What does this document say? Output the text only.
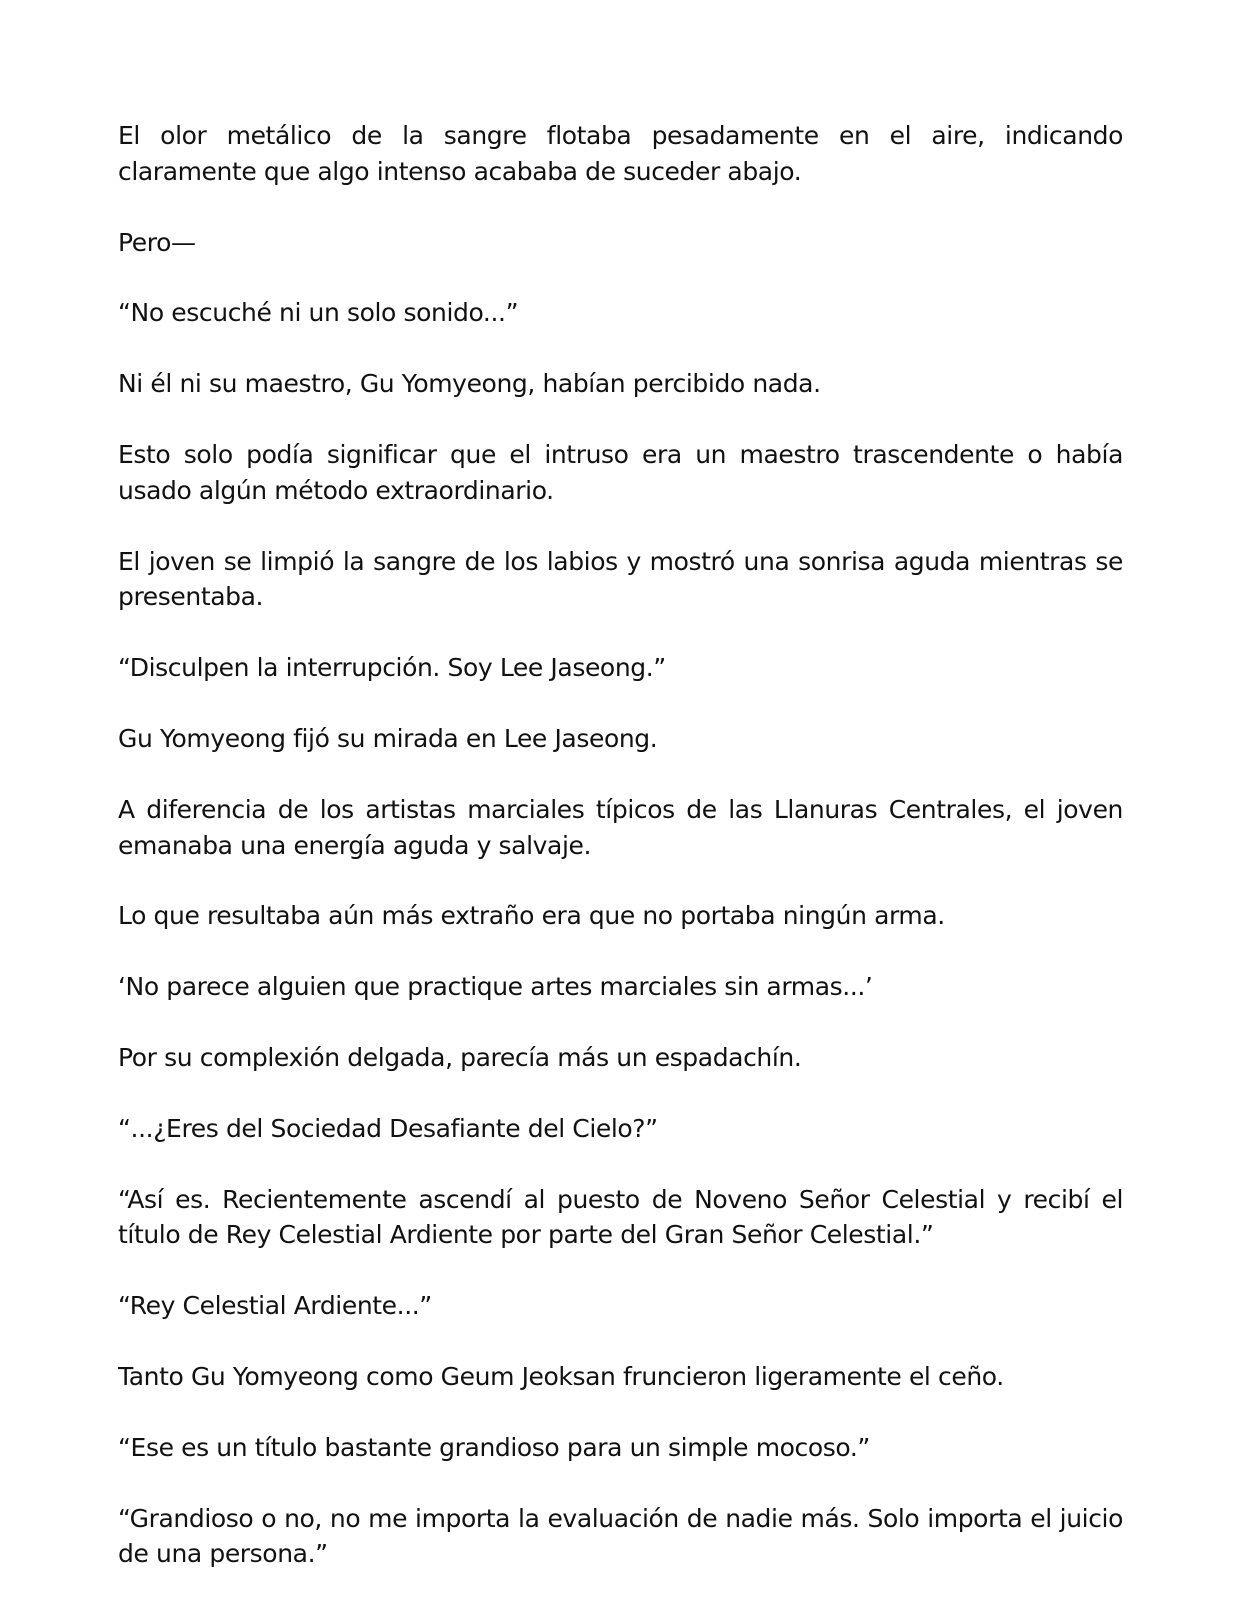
El olor metálico de la sangre flotaba pesadamente en el aire, indicando claramente que algo intenso acababa de suceder abajo.

Pero—

“No escuché ni un solo sonido...”

Ni él ni su maestro, Gu Yomyeong, habían percibido nada.

Esto solo podía significar que el intruso era un maestro trascendente o había usado algún método extraordinario.

El joven se limpió la sangre de los labios y mostró una sonrisa aguda mientras se presentaba.

“Disculpen la interrupción. Soy Lee Jaseong.”

Gu Yomyeong fijó su mirada en Lee Jaseong.

A diferencia de los artistas marciales típicos de las Llanuras Centrales, el joven emanaba una energía aguda y salvaje.

Lo que resultaba aún más extraño era que no portaba ningún arma.

‘No parece alguien que practique artes marciales sin armas...’

Por su complexión delgada, parecía más un espadachín.

“...¿Eres del Sociedad Desafiante del Cielo?”

“Así es. Recientemente ascendí al puesto de Noveno Señor Celestial y recibí el título de Rey Celestial Ardiente por parte del Gran Señor Celestial.”

“Rey Celestial Ardiente...”

Tanto Gu Yomyeong como Geum Jeoksan fruncieron ligeramente el ceño.

“Ese es un título bastante grandioso para un simple mocoso.”

“Grandioso o no, no me importa la evaluación de nadie más. Solo importa el juicio de una persona.”
